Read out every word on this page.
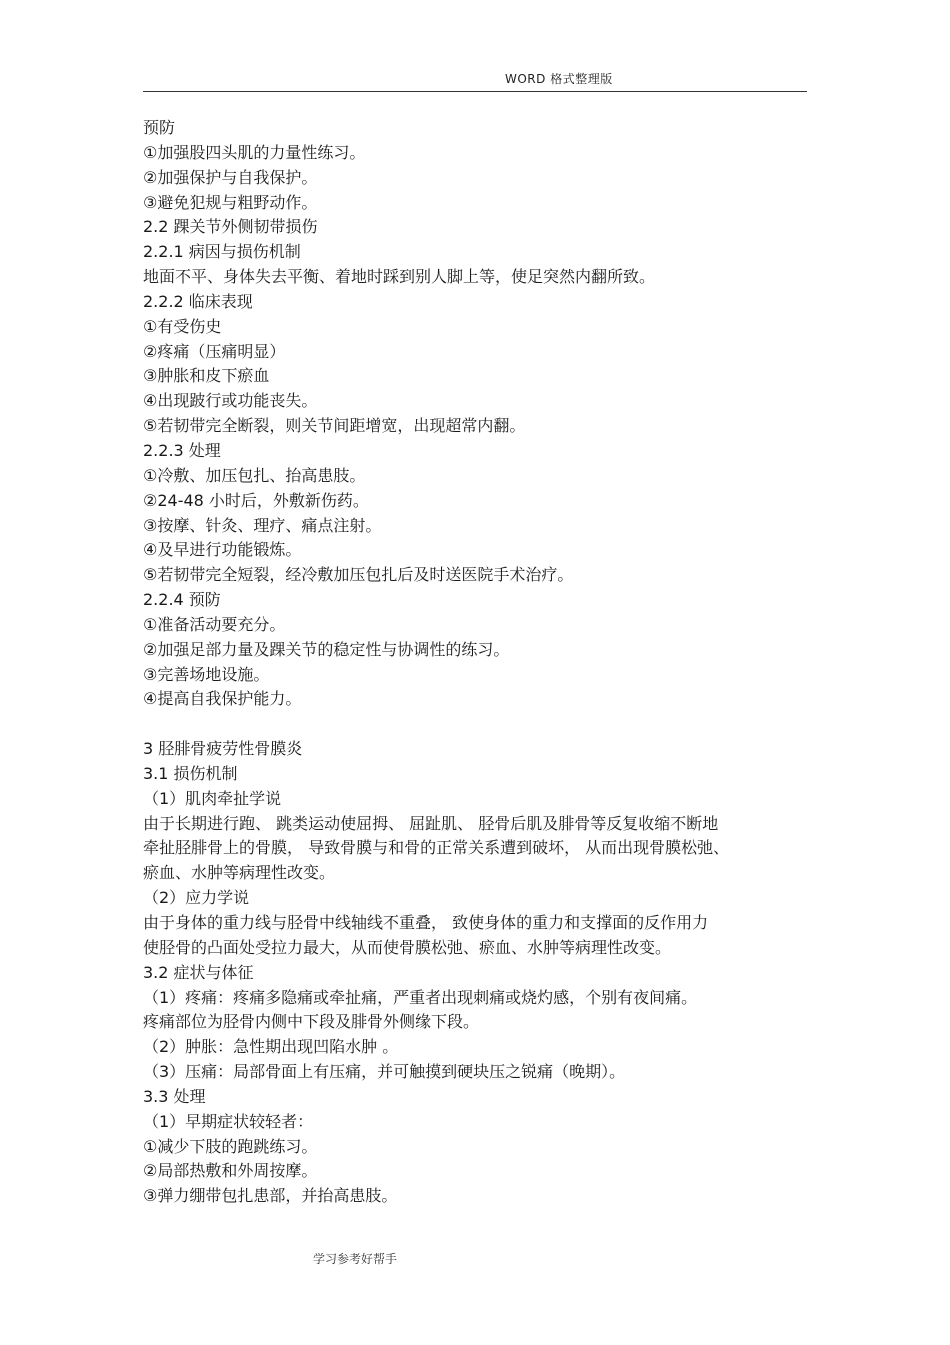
WORD 格式整理版
预防
①加强股四头肌的力量性练习。
②加强保护与自我保护。
③避免犯规与粗野动作。
2.2 踝关节外侧韧带损伤
2.2.1 病因与损伤机制
地面不平、身体失去平衡、着地时踩到别人脚上等，使足突然内翻所致。
2.2.2 临床表现
①有受伤史
②疼痛（压痛明显）
③肿胀和皮下瘀血
④出现跛行或功能丧失。
⑤若韧带完全断裂，则关节间距增宽，出现超常内翻。
2.2.3 处理
①冷敷、加压包扎、抬高患肢。
②24-48 小时后，外敷新伤药。
③按摩、针灸、理疗、痛点注射。
④及早进行功能锻炼。
⑤若韧带完全短裂，经冷敷加压包扎后及时送医院手术治疗。
2.2.4 预防
①准备活动要充分。
②加强足部力量及踝关节的稳定性与协调性的练习。
③完善场地设施。
④提高自我保护能力。
3 胫腓骨疲劳性骨膜炎
3.1 损伤机制
（1）肌肉牵扯学说
由于长期进行跑、 跳类运动使屈拇、 屈趾肌、 胫骨后肌及腓骨等反复收缩不断地
牵扯胫腓骨上的骨膜， 导致骨膜与和骨的正常关系遭到破坏， 从而出现骨膜松弛、
瘀血、水肿等病理性改变。
（2）应力学说
由于身体的重力线与胫骨中线轴线不重叠， 致使身体的重力和支撑面的反作用力
使胫骨的凸面处受拉力最大，从而使骨膜松弛、瘀血、水肿等病理性改变。
3.2 症状与体征
（1）疼痛：疼痛多隐痛或牵扯痛，严重者出现刺痛或烧灼感，个别有夜间痛。
疼痛部位为胫骨内侧中下段及腓骨外侧缘下段。
（2）肿胀：急性期出现凹陷水肿 。
（3）压痛：局部骨面上有压痛，并可触摸到硬块压之锐痛（晚期）。
3.3 处理
（1）早期症状较轻者：
①减少下肢的跑跳练习。
②局部热敷和外周按摩。
③弹力绷带包扎患部，并抬高患肢。
学习参考好帮手
